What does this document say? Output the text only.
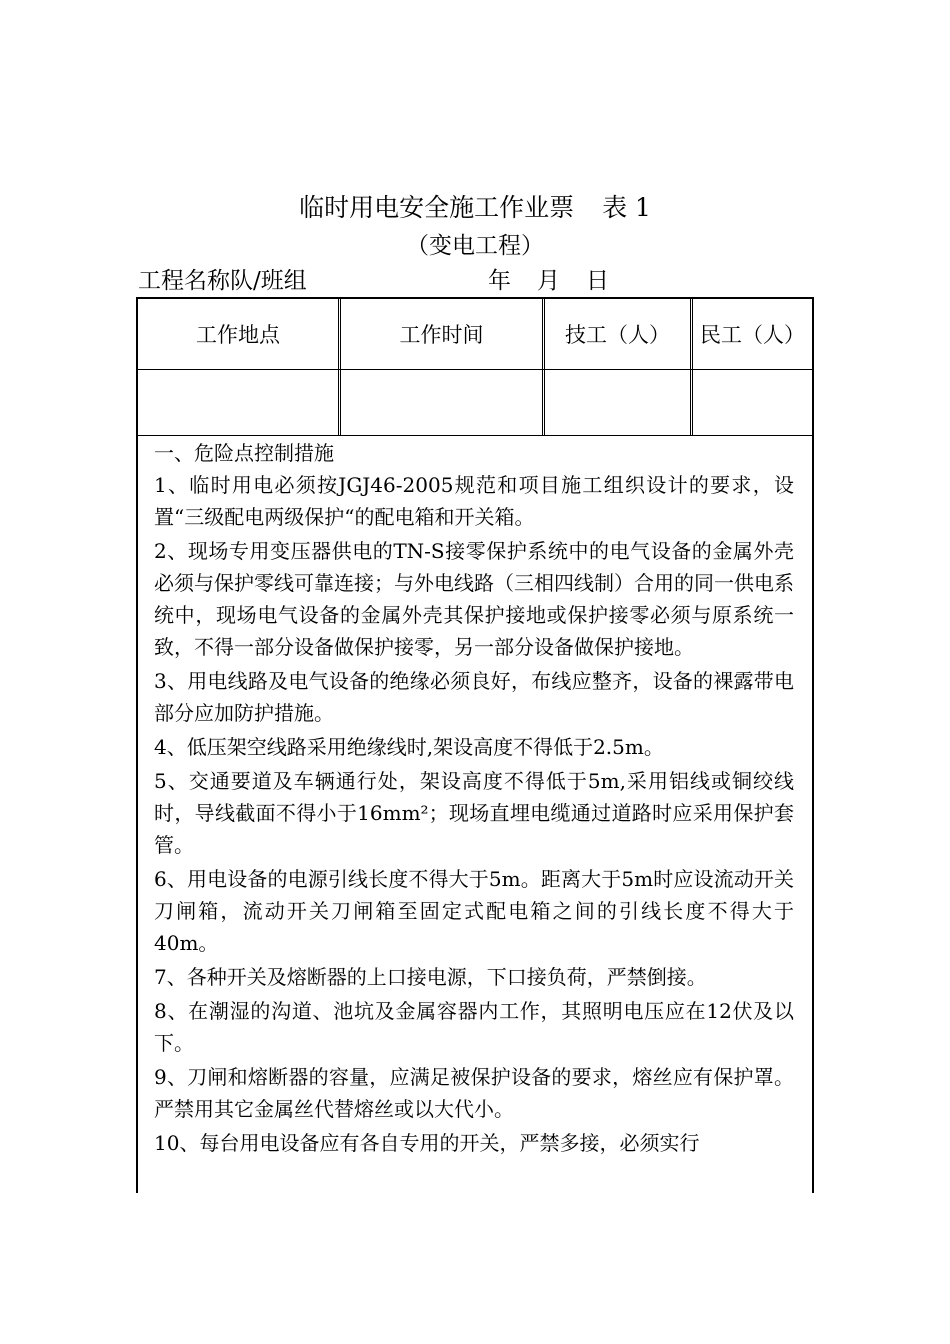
临时用电安全施工作业票 表 1
（变电工程）
工程名称队/班组	年 月 日
工作地点	工作时间	技工（人）	民工（人）

一、危险点控制措施

1、临时用电必须按JGJ46-2005规范和项目施工组织设计的要求，设置“三级配电两级保护“的配电箱和开关箱。

2、现场专用变压器供电的TN-S接零保护系统中的电气设备的金属外壳必须与保护零线可靠连接；与外电线路（三相四线制）合用的同一供电系统中，现场电气设备的金属外壳其保护接地或保护接零必须与原系统一致，不得一部分设备做保护接零，另一部分设备做保护接地。

3、用电线路及电气设备的绝缘必须良好，布线应整齐，设备的裸露带电部分应加防护措施。

4、低压架空线路采用绝缘线时,架设高度不得低于2.5m。

5、交通要道及车辆通行处，架设高度不得低于5m,采用铝线或铜绞线时，导线截面不得小于16mm²；现场直埋电缆通过道路时应采用保护套管。

6、用电设备的电源引线长度不得大于5m。距离大于5m时应设流动开关刀闸箱，流动开关刀闸箱至固定式配电箱之间的引线长度不得大于40m。

7、各种开关及熔断器的上口接电源，下口接负荷，严禁倒接。

8、在潮湿的沟道、池坑及金属容器内工作，其照明电压应在12伏及以下。

9、刀闸和熔断器的容量，应满足被保护设备的要求，熔丝应有保护罩。严禁用其它金属丝代替熔丝或以大代小。

10、每台用电设备应有各自专用的开关，严禁多接，必须实行
